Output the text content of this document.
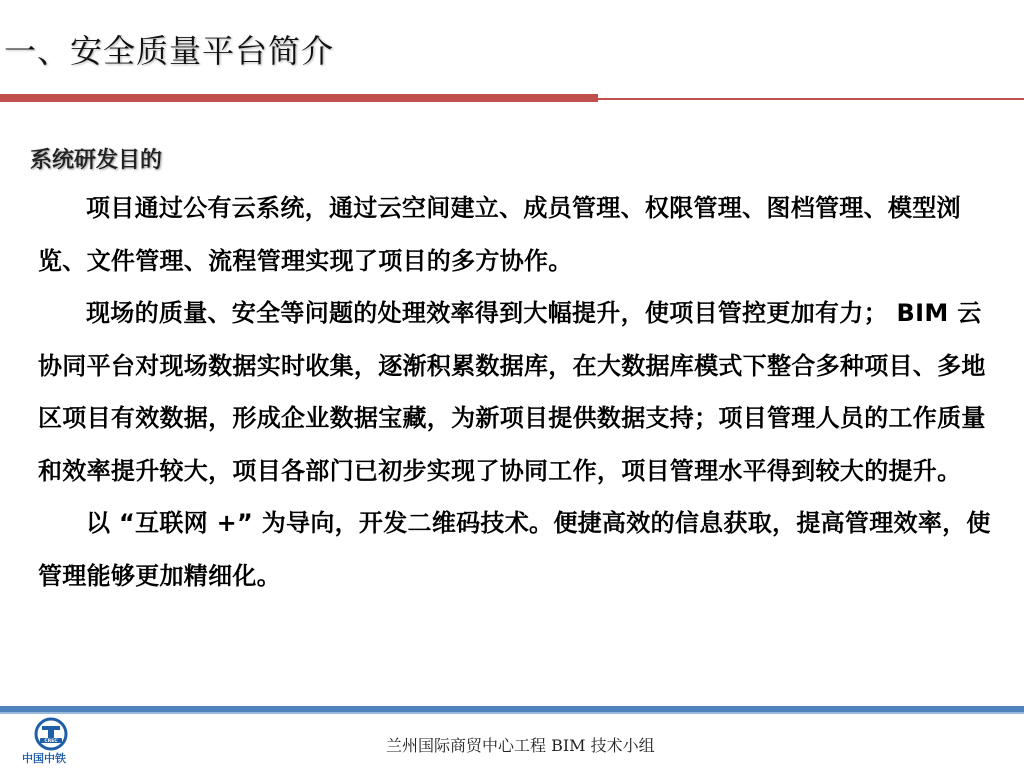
一、安全质量平台简介
系统研发目的

项目通过公有云系统，通过云空间建立、成员管理、权限管理、图档管理、模型浏览、文件管理、流程管理实现了项目的多方协作。

现场的质量、安全等问题的处理效率得到大幅提升，使项目管控更加有力； BIM 云协同平台对现场数据实时收集，逐渐积累数据库，在大数据库模式下整合多种项目、多地区项目有效数据，形成企业数据宝藏，为新项目提供数据支持；项目管理人员的工作质量和效率提升较大，项目各部门已初步实现了协同工作，项目管理水平得到较大的提升。

以 “互联网 +” 为导向，开发二维码技术。便捷高效的信息获取，提高管理效率，使管理能够更加精细化。

CREC
中国中铁
兰州国际商贸中心工程 BIM 技术小组
